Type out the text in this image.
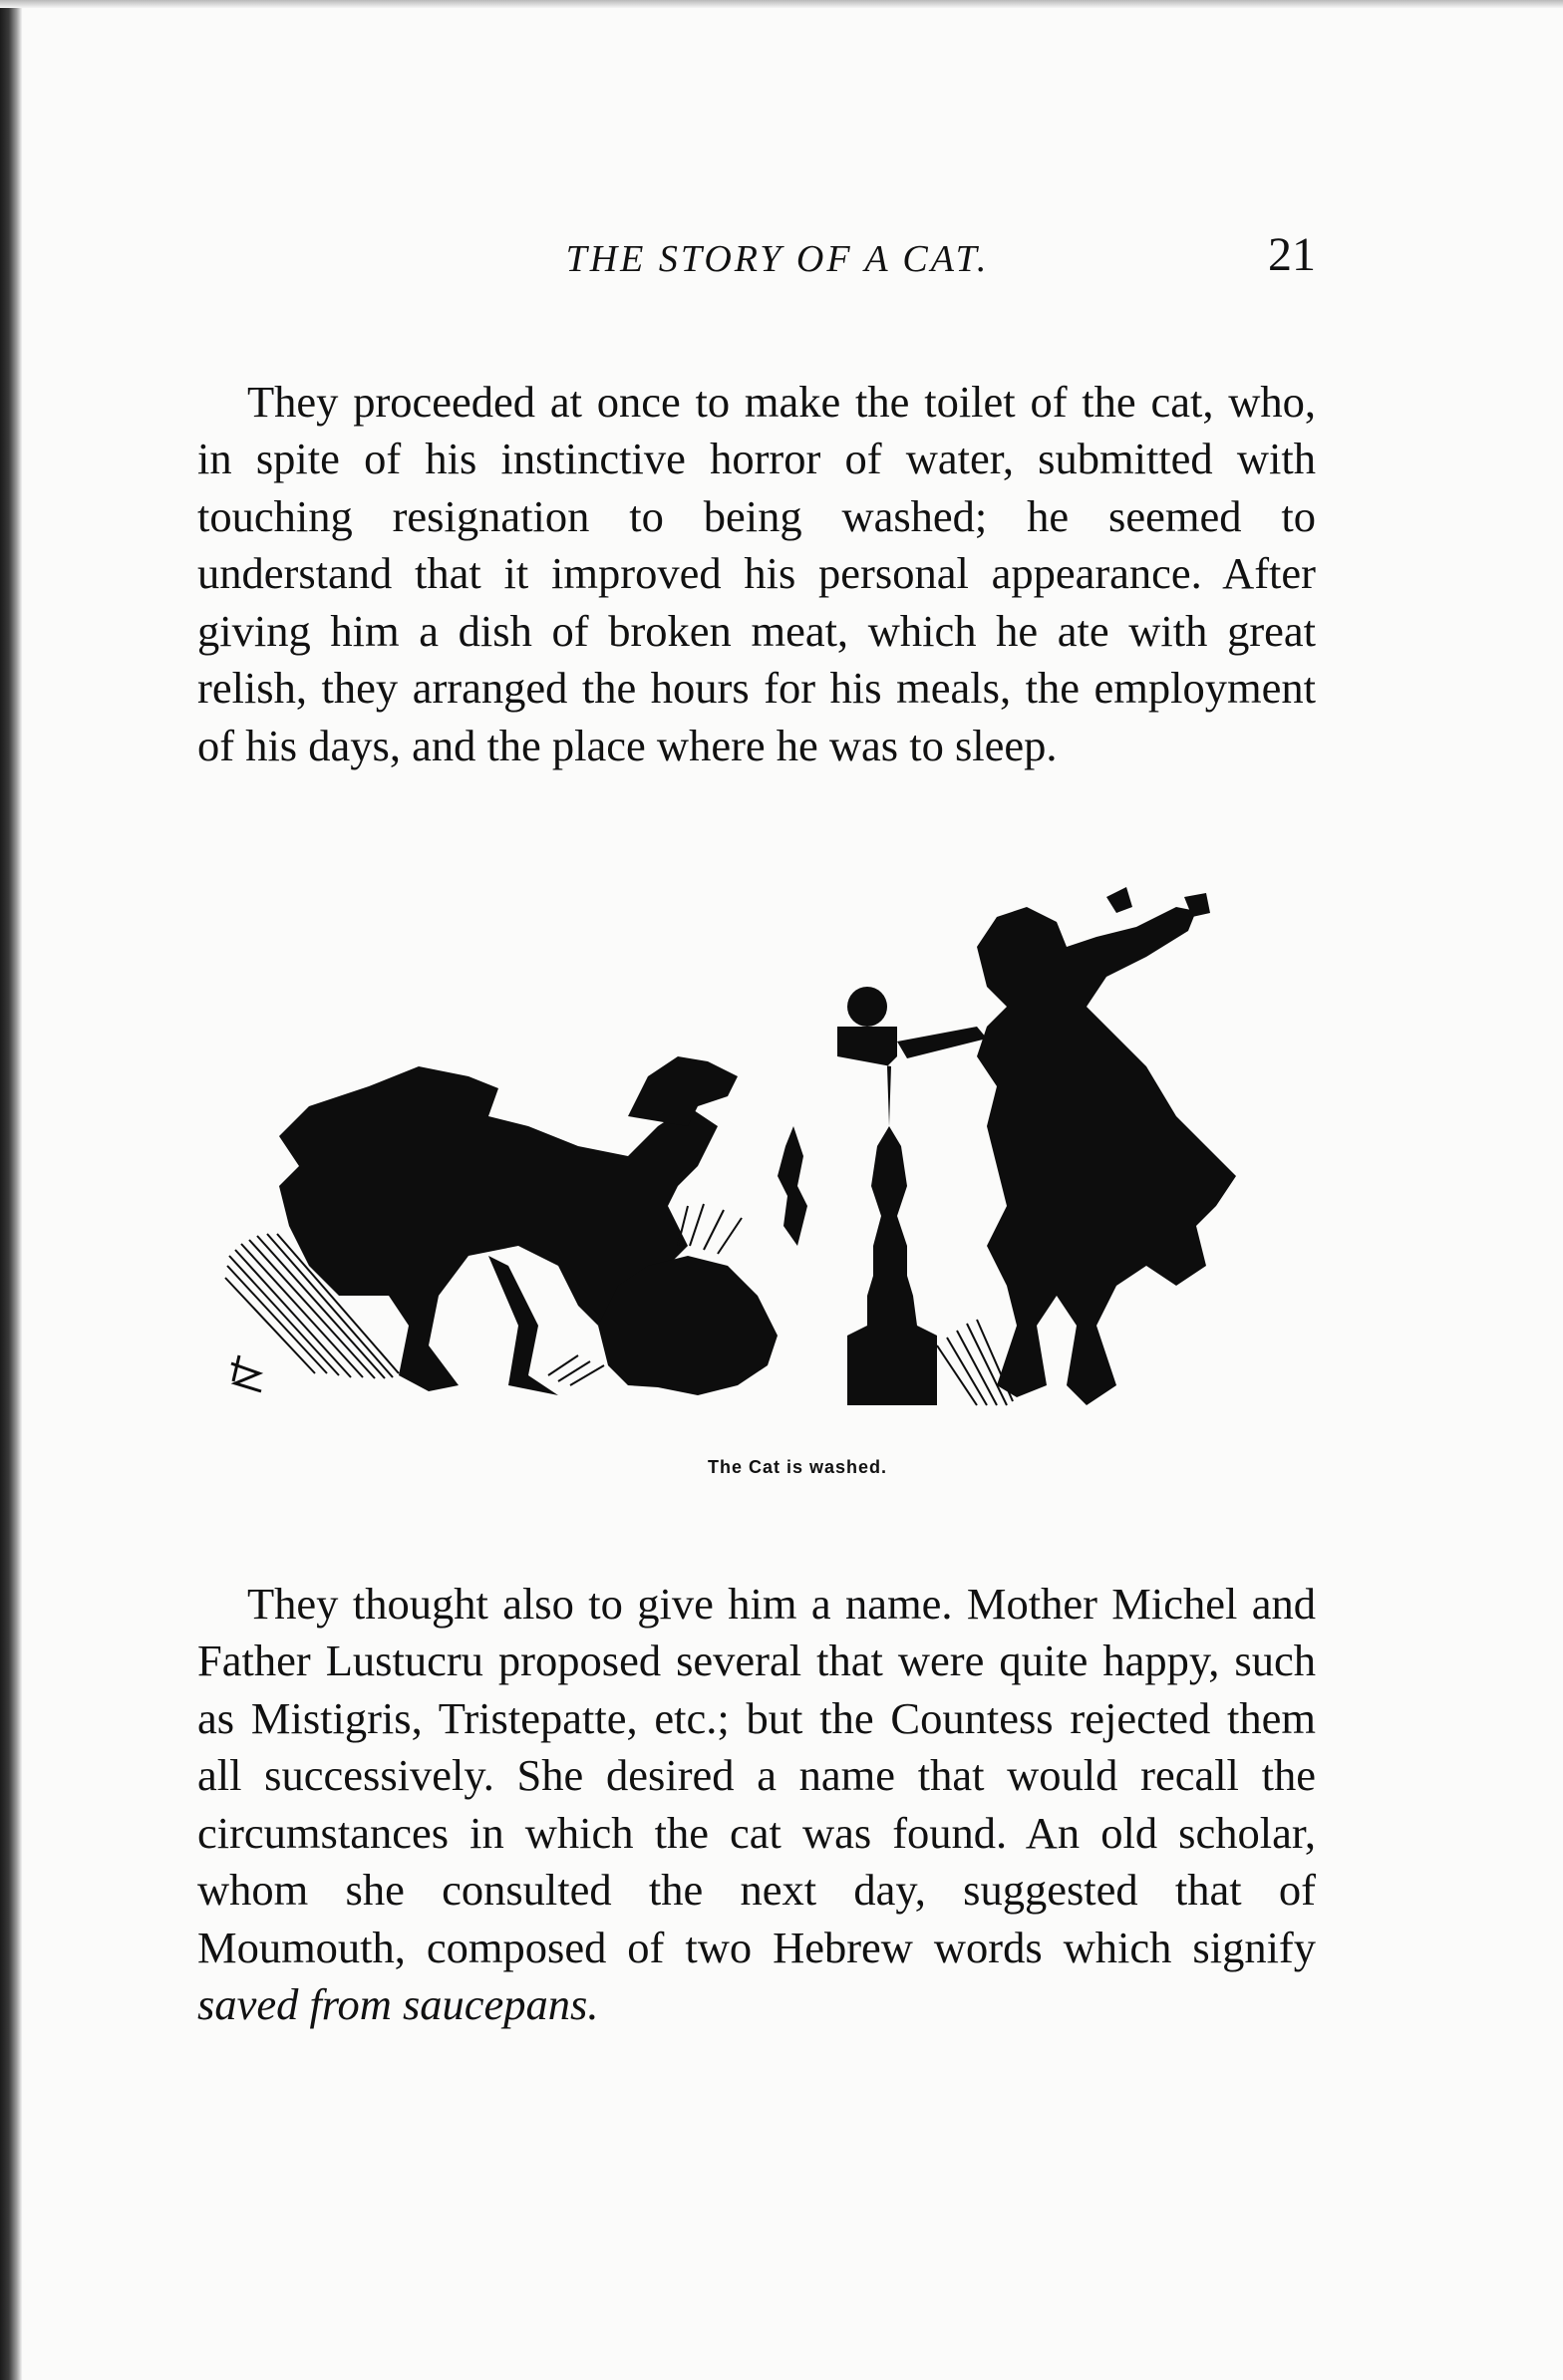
THE STORY OF A CAT.	21

They proceeded at once to make the toilet of the cat, who, in spite of his instinctive horror of water, submitted with touching resignation to being washed; he seemed to understand that it improved his personal appearance. After giving him a dish of broken meat, which he ate with great relish, they arranged the hours for his meals, the employment of his days, and the place where he was to sleep.

The Cat is washed.

They thought also to give him a name. Mother Michel and Father Lustucru proposed several that were quite happy, such as Mistigris, Tristepatte, etc.; but the Countess rejected them all successively. She desired a name that would recall the circumstances in which the cat was found. An old scholar, whom she consulted the next day, suggested that of Moumouth, composed of two Hebrew words which signify saved from saucepans.
